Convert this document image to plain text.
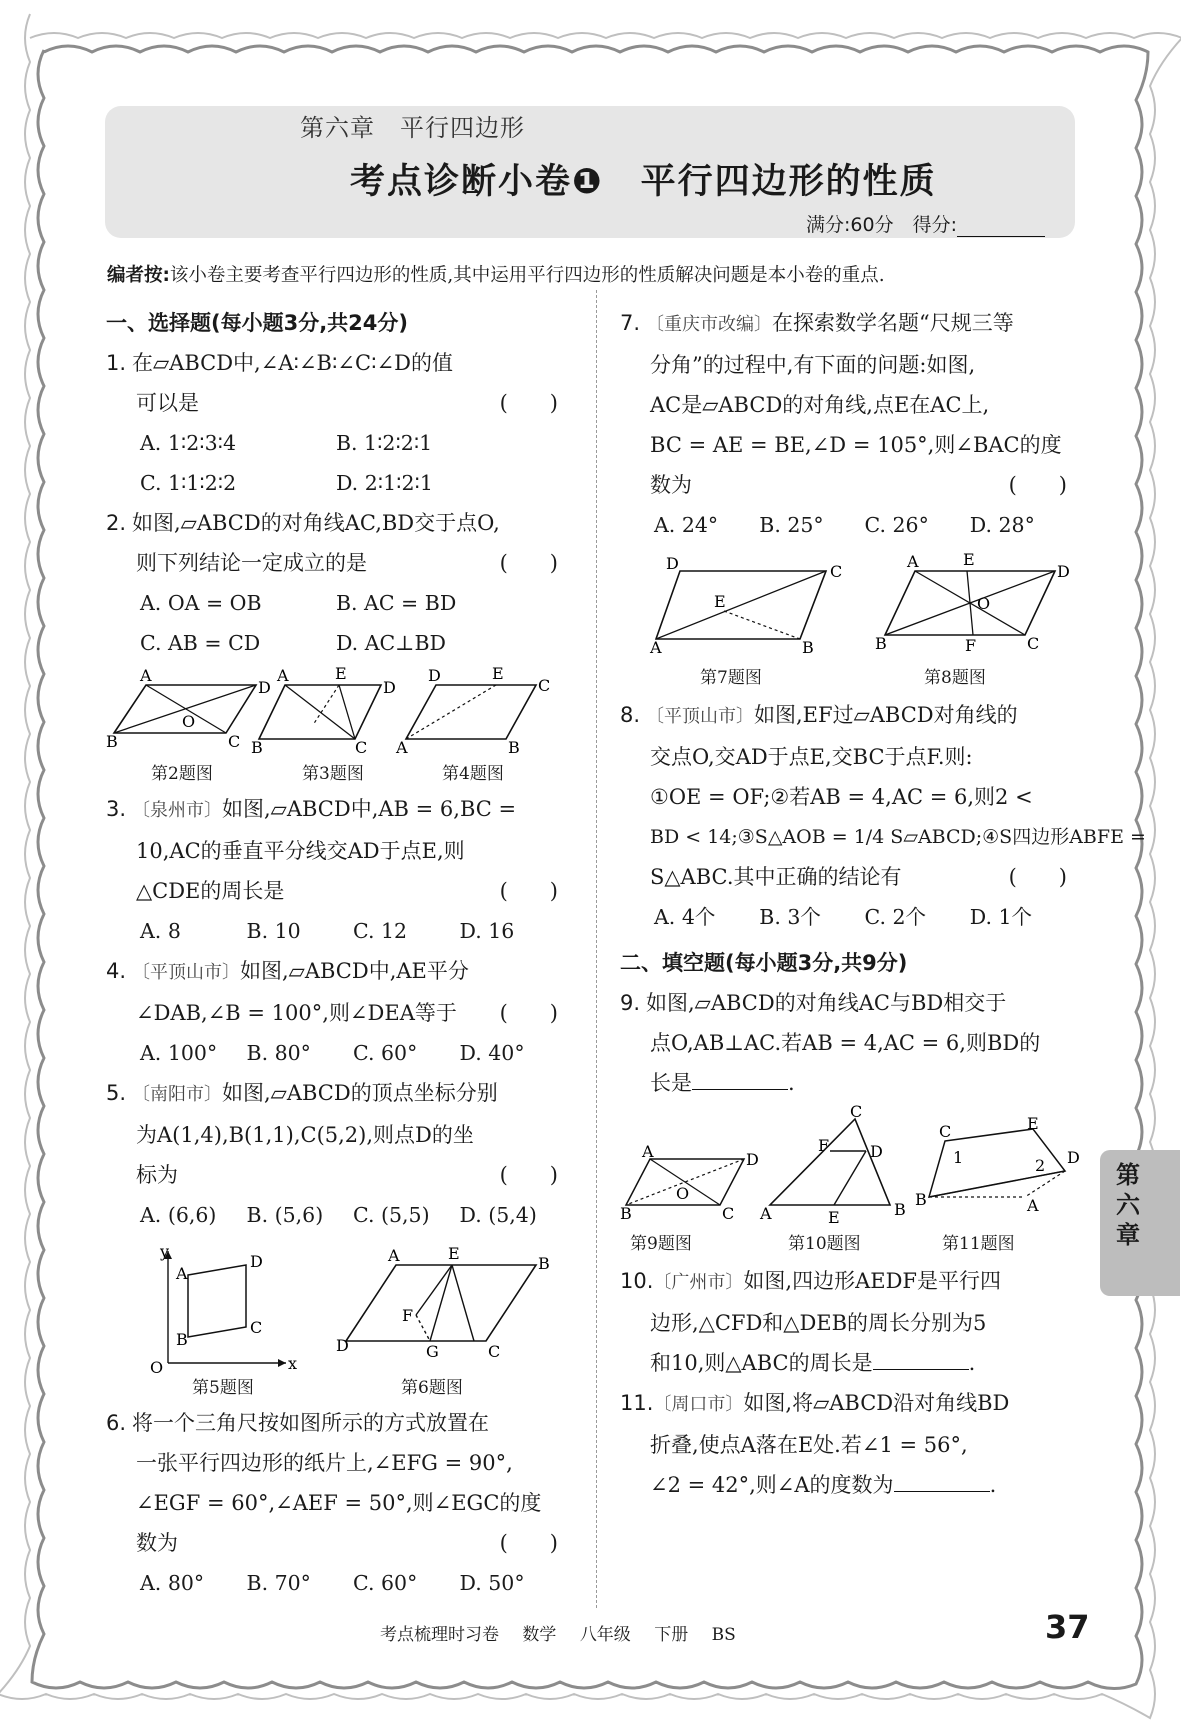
第六章　平行四边形
考点诊断小卷❶　平行四边形的性质
满分:60分　得分:
编者按:该小卷主要考查平行四边形的性质,其中运用平行四边形的性质解决问题是本小卷的重点.
一、选择题(每小题3分,共24分)
1. 在▱ABCD中,∠A∶∠B∶∠C∶∠D的值
可以是	(　　)
A. 1∶2∶3∶4	B. 1∶2∶2∶1
C. 1∶1∶2∶2	D. 2∶1∶2∶1
2. 如图,▱ABCD的对角线AC,BD交于点O,
则下列结论一定成立的是	(　　)
A. OA = OB	B. AC = BD
C. AB = CD	D. AC⊥BD
A
D
C
B
O
A	E
D
C
B
D	E
C
B
A
第2题图	第3题图	第4题图
3. 〔泉州市〕如图,▱ABCD中,AB = 6,BC =
10,AC的垂直平分线交AD于点E,则
△CDE的周长是	(　　)
A. 8	B. 10	C. 12	D. 16
4. 〔平顶山市〕如图,▱ABCD中,AE平分
∠DAB,∠B = 100°,则∠DEA等于 (　　)
A. 100°	B. 80°	C. 60°	D. 40°
5. 〔南阳市〕如图,▱ABCD的顶点坐标分别
为A(1,4),B(1,1),C(5,2),则点D的坐
标为	(　　)
A. (6,6)	B. (5,6)	C. (5,5)	D. (5,4)
y
x
O
A
D
C
B
A	E
B
C
D
F
G
第5题图	第6题图
6. 将一个三角尺按如图所示的方式放置在
一张平行四边形的纸片上,∠EFG = 90°,
∠EGF = 60°,∠AEF = 50°,则∠EGC的度
数为	(　　)
A. 80°	B. 70°	C. 60°	D. 50°
7. 〔重庆市改编〕在探索数学名题“尺规三等
分角”的过程中,有下面的问题:如图,
AC是▱ABCD的对角线,点E在AC上,
BC = AE = BE,∠D = 105°,则∠BAC的度
数为	(　　)
A. 24°	B. 25°	C. 26°	D. 28°
D	C
B
A
E
A	E
D
C
B	F
O
第7题图	第8题图
8. 〔平顶山市〕如图,EF过▱ABCD对角线的
交点O,交AD于点E,交BC于点F.则:
①OE = OF;②若AB = 4,AC = 6,则2 <
BD < 14;③S△AOB = 1/4 S▱ABCD;④S四边形ABFE =
S△ABC.其中正确的结论有	(　　)
A. 4个	B. 3个	C. 2个	D. 1个
二、填空题(每小题3分,共9分)
9. 如图,▱ABCD的对角线AC与BD相交于
点O,AB⊥AC.若AB = 4,AC = 6,则BD的
长是	.
A	D
C
B
O
C
F	D
A	E	B
C	E
D
B	A
1	2
第9题图	第10题图	第11题图
10.〔广州市〕如图,四边形AEDF是平行四
边形,△CFD和△DEB的周长分别为5
和10,则△ABC的周长是	.
11.〔周口市〕如图,将▱ABCD沿对角线BD
折叠,使点A落在E处.若∠1 = 56°,
∠2 = 42°,则∠A的度数为	.
第六章
考点梳理时习卷 数学 八年级 下册 BS	37
